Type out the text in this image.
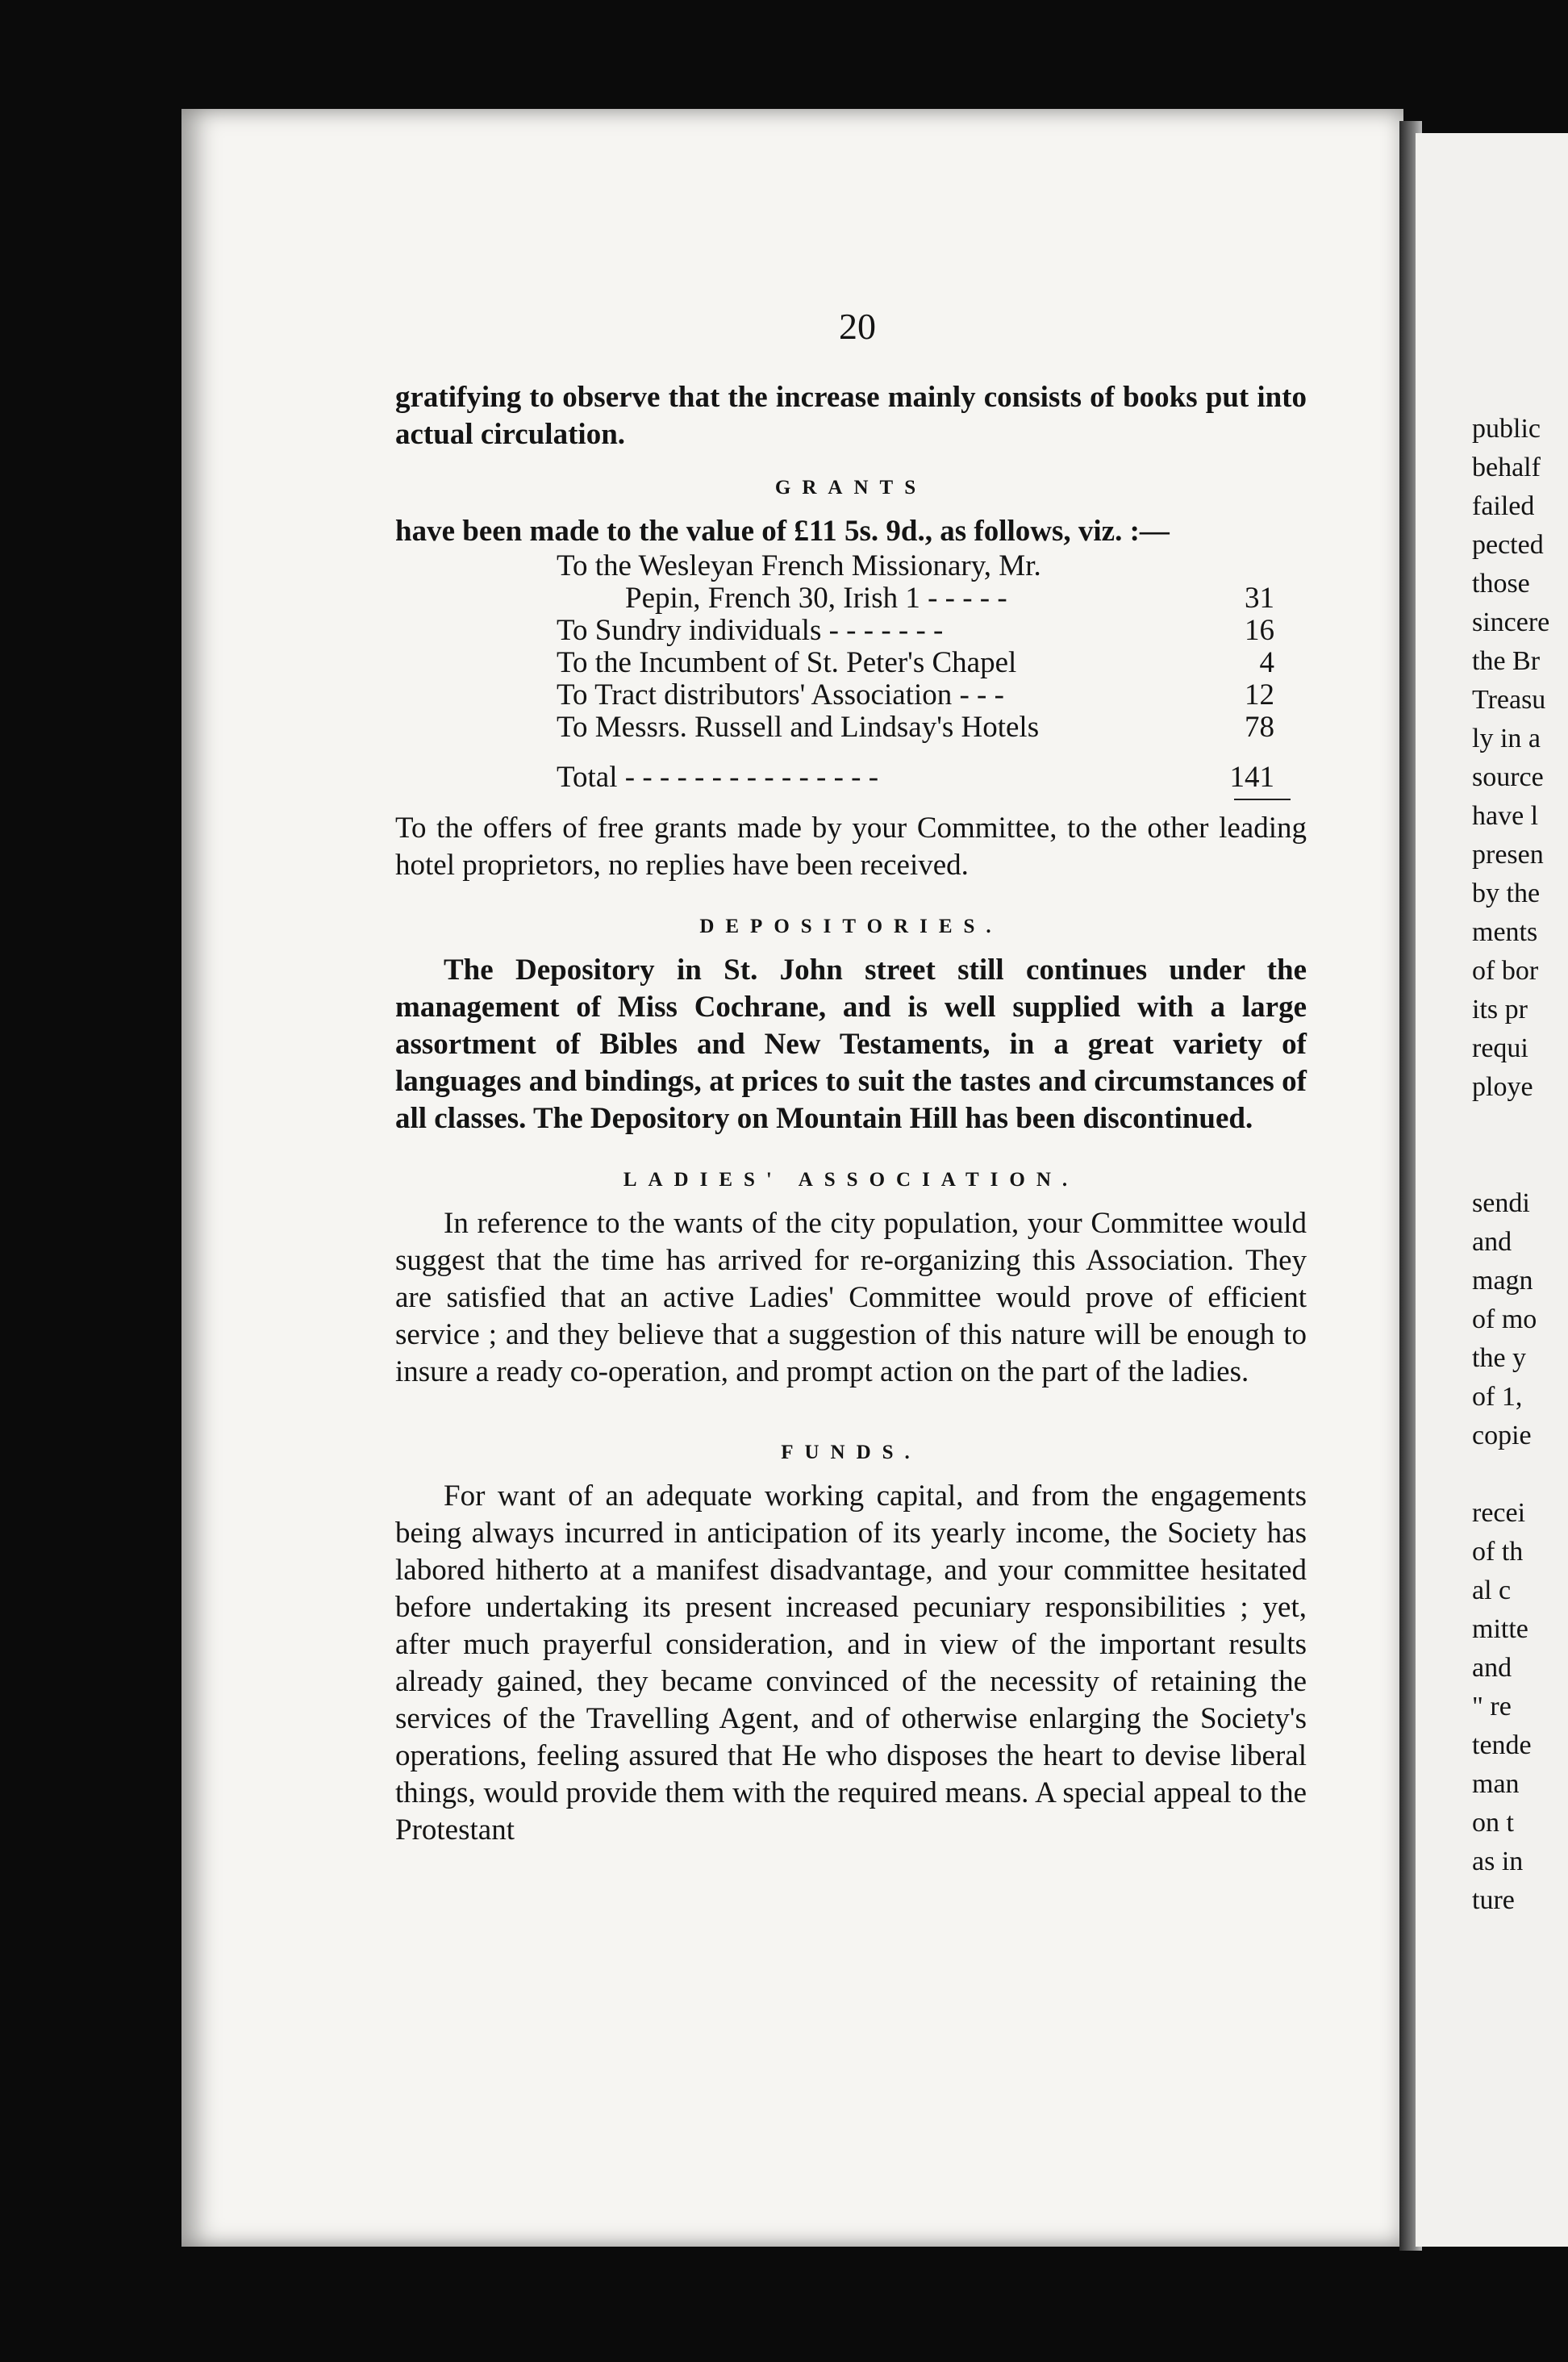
20

gratifying to observe that the increase mainly consists of books put into actual circulation.

GRANTS

have been made to the value of £11 5s. 9d., as follows, viz. :—

To the Wesleyan French Missionary, Mr.
Pepin, French 30, Irish 1 - - - - -	31
To Sundry individuals - - - - - - -	16
To the Incumbent of St. Peter's Chapel	4
To Tract distributors' Association - - -	12
To Messrs. Russell and Lindsay's Hotels	78
Total - - - - - - - - - - - - - - -	141

To the offers of free grants made by your Committee, to the other leading hotel proprietors, no replies have been received.

DEPOSITORIES.

The Depository in St. John street still continues under the management of Miss Cochrane, and is well supplied with a large assortment of Bibles and New Testaments, in a great variety of languages and bindings, at prices to suit the tastes and circumstances of all classes. The Depository on Mountain Hill has been discontinued.

LADIES' ASSOCIATION.

In reference to the wants of the city population, your Committee would suggest that the time has arrived for re-organizing this Association. They are satisfied that an active Ladies' Committee would prove of efficient service ; and they believe that a suggestion of this nature will be enough to insure a ready co-operation, and prompt action on the part of the ladies.

FUNDS.

For want of an adequate working capital, and from the engagements being always incurred in anticipation of its yearly income, the Society has labored hitherto at a manifest disadvantage, and your committee hesitated before undertaking its present increased pecuniary responsibilities ; yet, after much prayerful consideration, and in view of the important results already gained, they became convinced of the necessity of retaining the services of the Travelling Agent, and of otherwise enlarging the Society's operations, feeling assured that He who disposes the heart to devise liberal things, would provide them with the required means. A special appeal to the Protestant

public
behalf
failed
pected
those
sincere
the Br
Treasu
ly in a
source
have l
presen
by the
ments
of bor
its pr
requi
ploye
sendi
and
magn
of mo
the y
of 1,
copie
recei
of th
al c
mitte
and
" re
tende
man
on t
as in
ture
